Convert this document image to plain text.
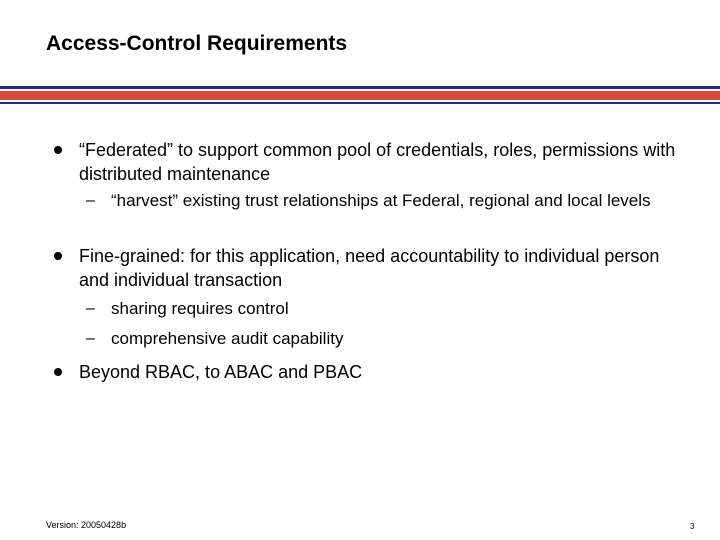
Access-Control Requirements
“Federated” to support common pool of credentials, roles, permissions with distributed maintenance
– “harvest” existing trust relationships at Federal, regional and local levels
Fine-grained: for this application, need accountability to individual person and individual transaction
– sharing requires control
– comprehensive audit capability
Beyond RBAC, to ABAC and PBAC
Version: 20050428b	3
